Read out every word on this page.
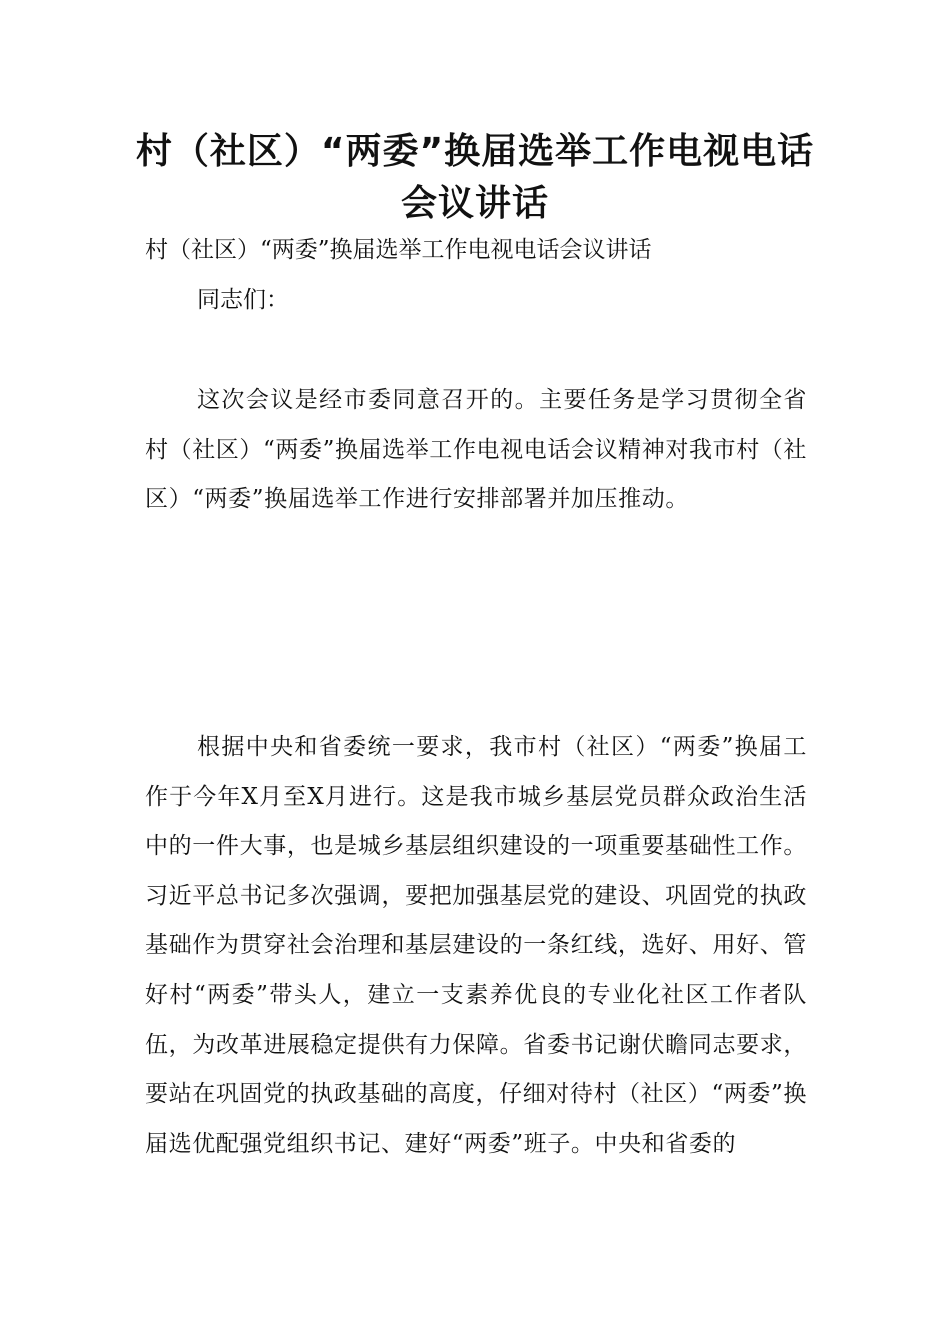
村（社区）“两委”换届选举工作电视电话会议讲话

村（社区）“两委”换届选举工作电视电话会议讲话

同志们：

这次会议是经市委同意召开的。主要任务是学习贯彻全省村（社区）“两委”换届选举工作电视电话会议精神对我市村（社区）“两委”换届选举工作进行安排部署并加压推动。

根据中央和省委统一要求，我市村（社区）“两委”换届工作于今年X月至X月进行。这是我市城乡基层党员群众政治生活中的一件大事，也是城乡基层组织建设的一项重要基础性工作。习近平总书记多次强调，要把加强基层党的建设、巩固党的执政基础作为贯穿社会治理和基层建设的一条红线，选好、用好、管好村“两委”带头人，建立一支素养优良的专业化社区工作者队伍，为改革进展稳定提供有力保障。省委书记谢伏瞻同志要求，要站在巩固党的执政基础的高度，仔细对待村（社区）“两委”换届选优配强党组织书记、建好“两委”班子。中央和省委的
